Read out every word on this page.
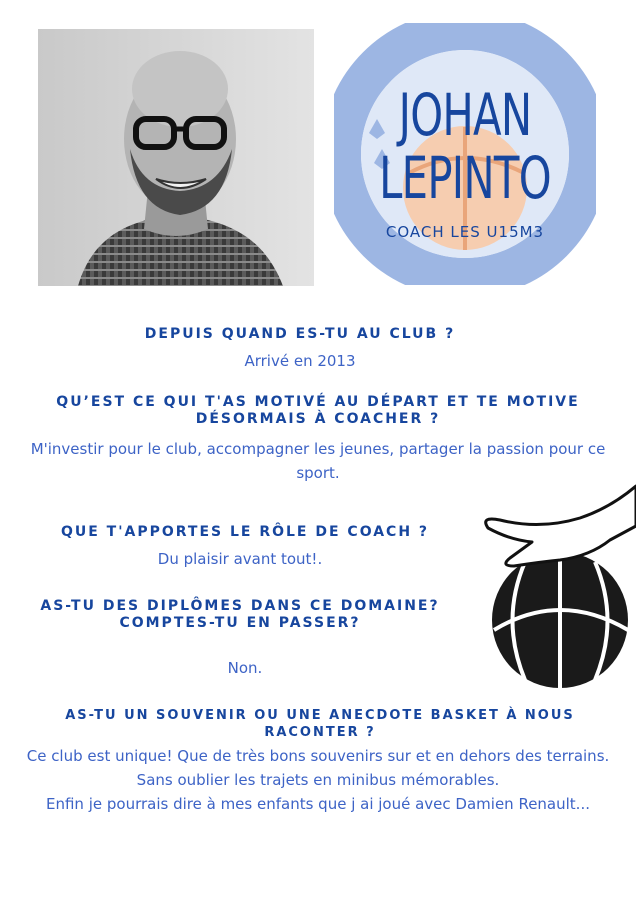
JOHAN
LEPINTO
COACH LES U15M3
DEPUIS QUAND ES-TU AU CLUB ?
Arrivé en 2013
QU’EST CE QUI T'AS MOTIVÉ AU DÉPART ET TE MOTIVE DÉSORMAIS À COACHER ?
M'investir pour le club, accompagner les jeunes, partager la passion pour ce sport.
QUE T'APPORTES LE RÔLE DE COACH ?
Du plaisir avant tout!.
AS-TU DES DIPLÔMES DANS CE DOMAINE?
COMPTES-TU EN PASSER?
Non.
AS-TU UN SOUVENIR OU UNE ANECDOTE BASKET À NOUS RACONTER ?
Ce club est unique! Que de très bons souvenirs sur et en dehors des terrains.
Sans oublier les trajets en minibus mémorables.
Enfin je pourrais dire à mes enfants que j ai joué avec Damien Renault...
